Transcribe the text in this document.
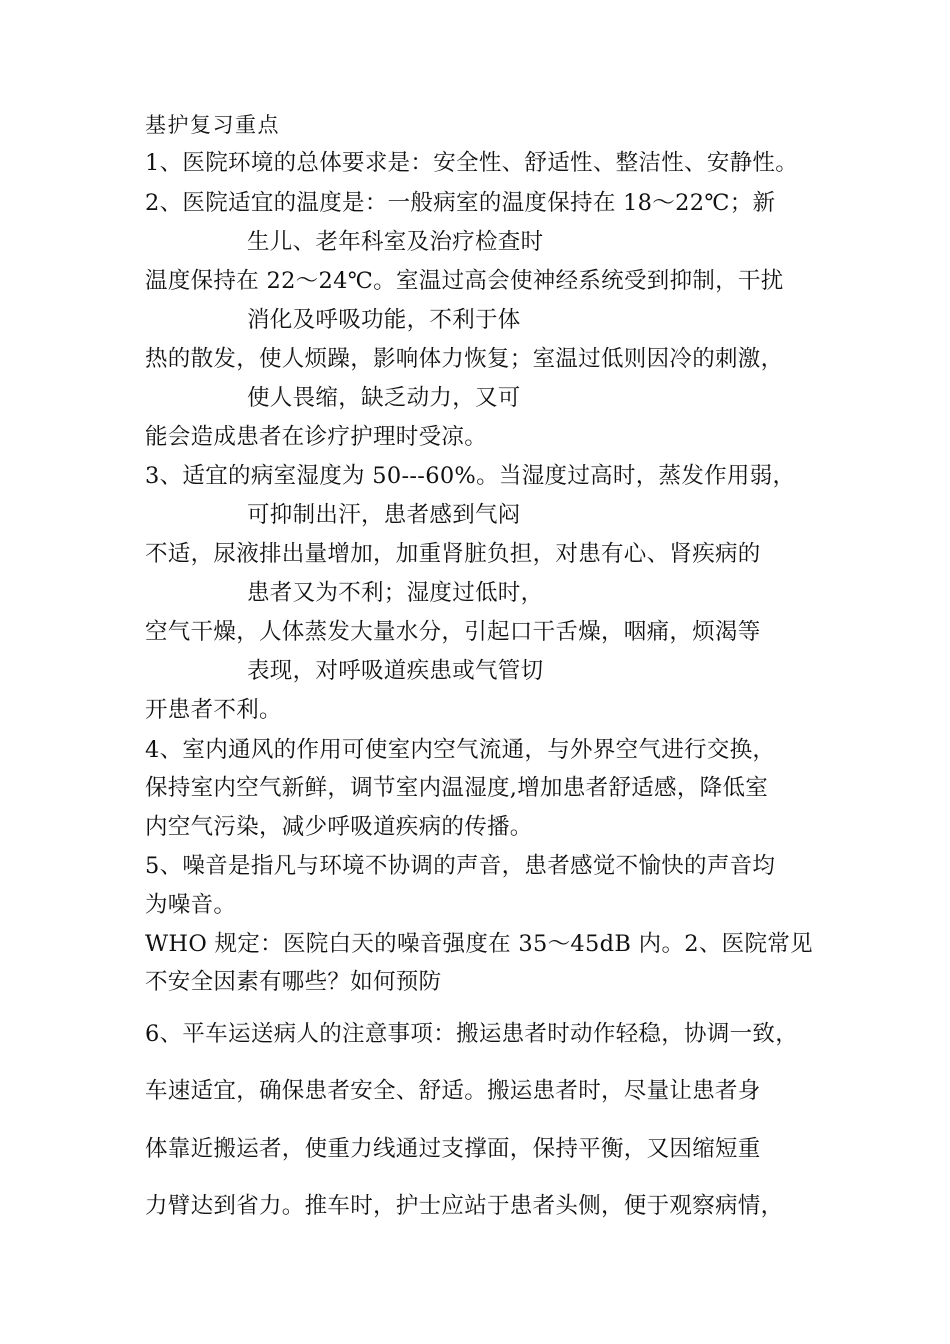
基护复习重点
1、医院环境的总体要求是：安全性、舒适性、整洁性、安静性。
2、医院适宜的温度是：一般病室的温度保持在 18～22℃；新
生儿、老年科室及治疗检查时
温度保持在 22～24℃。室温过高会使神经系统受到抑制，干扰
消化及呼吸功能，不利于体
热的散发，使人烦躁，影响体力恢复；室温过低则因冷的刺激，
使人畏缩，缺乏动力，又可
能会造成患者在诊疗护理时受凉。
3、适宜的病室湿度为 50---60%。当湿度过高时，蒸发作用弱，
可抑制出汗，患者感到气闷
不适，尿液排出量增加，加重肾脏负担，对患有心、肾疾病的
患者又为不利；湿度过低时，
空气干燥，人体蒸发大量水分，引起口干舌燥，咽痛，烦渴等
表现，对呼吸道疾患或气管切
开患者不利。
4、室内通风的作用可使室内空气流通，与外界空气进行交换，
保持室内空气新鲜，调节室内温湿度,增加患者舒适感，降低室
内空气污染，减少呼吸道疾病的传播。
5、噪音是指凡与环境不协调的声音，患者感觉不愉快的声音均
为噪音。
WHO 规定：医院白天的噪音强度在 35～45dB 内。2、医院常见
不安全因素有哪些？如何预防
6、平车运送病人的注意事项：搬运患者时动作轻稳，协调一致，
车速适宜，确保患者安全、舒适。搬运患者时，尽量让患者身
体靠近搬运者，使重力线通过支撑面，保持平衡，又因缩短重
力臂达到省力。推车时，护士应站于患者头侧，便于观察病情，
